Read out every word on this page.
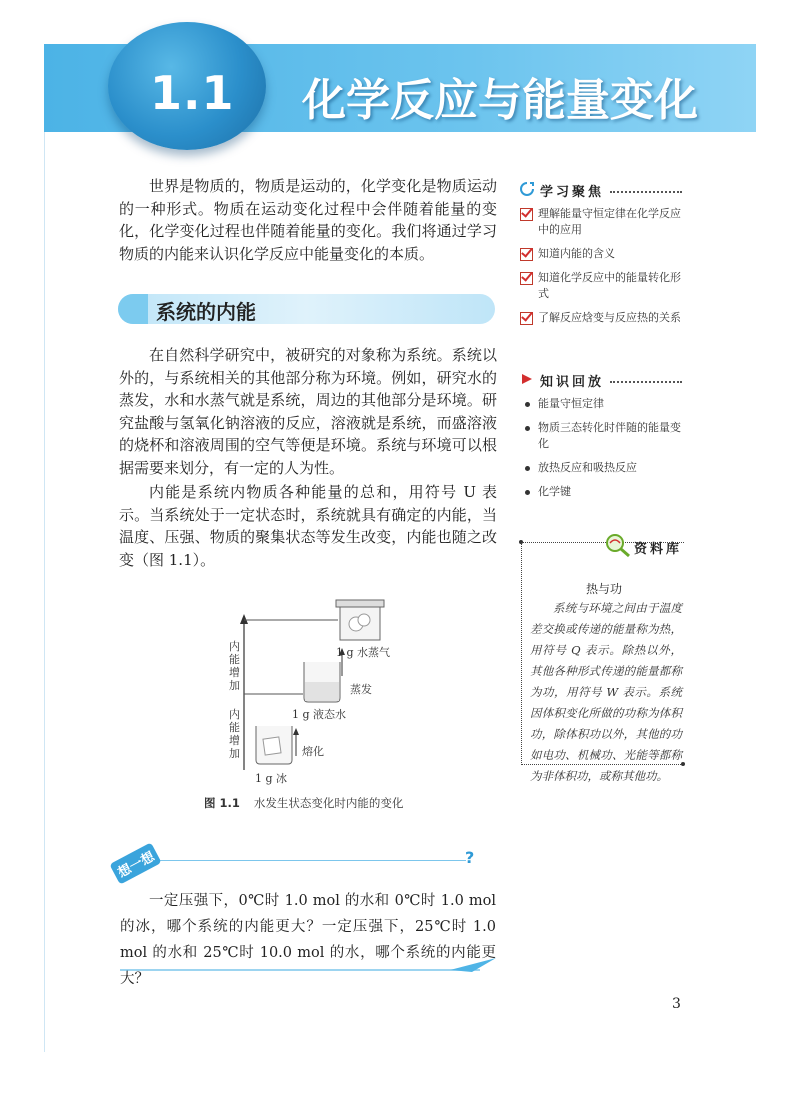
1.1 化学反应与能量变化

世界是物质的，物质是运动的，化学变化是物质运动的一种形式。物质在运动变化过程中会伴随着能量的变化，化学变化过程也伴随着能量的变化。我们将通过学习物质的内能来认识化学反应中能量变化的本质。

系统的内能

在自然科学研究中，被研究的对象称为系统。系统以外的，与系统相关的其他部分称为环境。例如，研究水的蒸发，水和水蒸气就是系统，周边的其他部分是环境。研究盐酸与氢氧化钠溶液的反应，溶液就是系统，而盛溶液的烧杯和溶液周围的空气等便是环境。系统与环境可以根据需要来划分，有一定的人为性。

内能是系统内物质各种能量的总和，用符号 U 表示。当系统处于一定状态时，系统就具有确定的内能，当温度、压强、物质的聚集状态等发生改变，内能也随之改变（图 1.1）。

学习聚焦
理解能量守恒定律在化学反应中的应用
知道内能的含义
知道化学反应中的能量转化形式
了解反应焓变与反应热的关系
知识回放
能量守恒定律
物质三态转化时伴随的能量变化
放热反应和吸热反应
化学键
资料库
热与功

系统与环境之间由于温度差交换或传递的能量称为热，用符号 Q 表示。除热以外，其他各种形式传递的能量都称为功，用符号 W 表示。系统因体积变化所做的功称为体积功，除体积功以外，其他的功如电功、机械功、光能等都称为非体积功，或称其他功。

内能增加
内能增加
1 g 水蒸气
1 g 液态水
1 g 冰
蒸发
熔化
图 1.1 水发生状态变化时内能的变化
想一想	?

一定压强下，0℃时 1.0 mol 的水和 0℃时 1.0 mol 的冰，哪个系统的内能更大？一定压强下，25℃时 1.0 mol 的水和 25℃时 10.0 mol 的水，哪个系统的内能更大？

3
